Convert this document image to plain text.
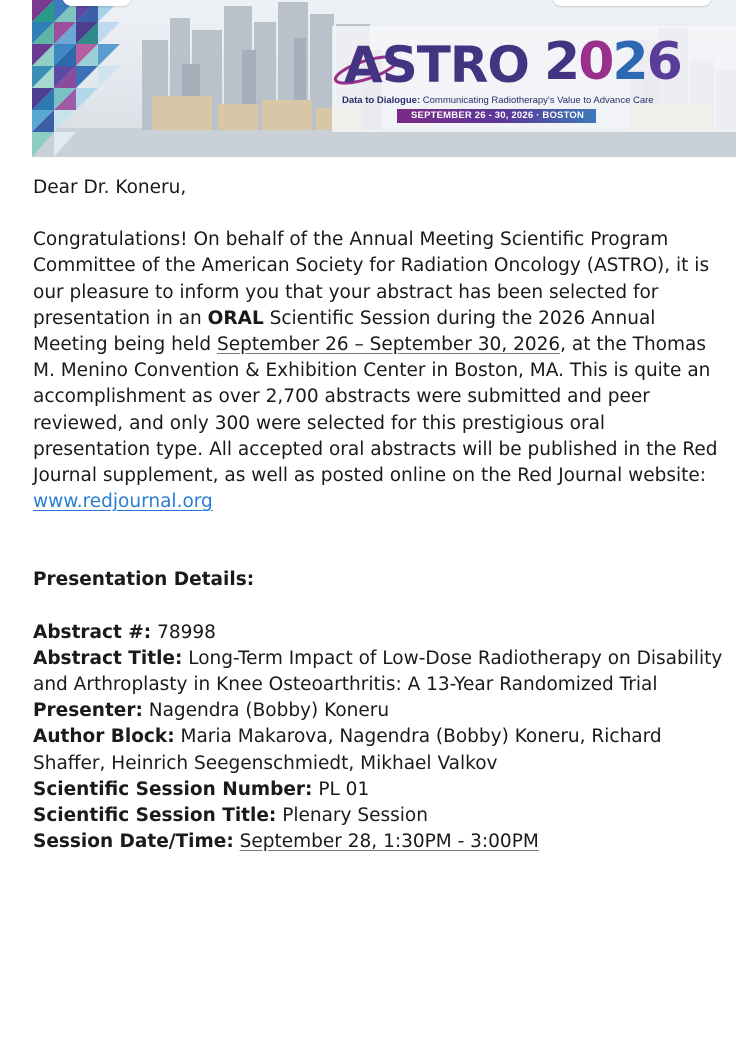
ASTRO 2026
Data to Dialogue: Communicating Radiotherapy's Value to Advance Care
SEPTEMBER 26 - 30, 2026 · BOSTON

Dear Dr. Koneru,

Congratulations! On behalf of the Annual Meeting Scientific Program Committee of the American Society for Radiation Oncology (ASTRO), it is our pleasure to inform you that your abstract has been selected for presentation in an ORAL Scientific Session during the 2026 Annual Meeting being held September 26 – September 30, 2026, at the Thomas M. Menino Convention & Exhibition Center in Boston, MA. This is quite an accomplishment as over 2,700 abstracts were submitted and peer reviewed, and only 300 were selected for this prestigious oral presentation type. All accepted oral abstracts will be published in the Red Journal supplement, as well as posted online on the Red Journal website: www.redjournal.org

Presentation Details:

Abstract #: 78998
Abstract Title: Long-Term Impact of Low-Dose Radiotherapy on Disability and Arthroplasty in Knee Osteoarthritis: A 13-Year Randomized Trial
Presenter: Nagendra (Bobby) Koneru
Author Block: Maria Makarova, Nagendra (Bobby) Koneru, Richard Shaffer, Heinrich Seegenschmiedt, Mikhael Valkov
Scientific Session Number: PL 01
Scientific Session Title: Plenary Session
Session Date/Time: September 28, 1:30PM - 3:00PM
